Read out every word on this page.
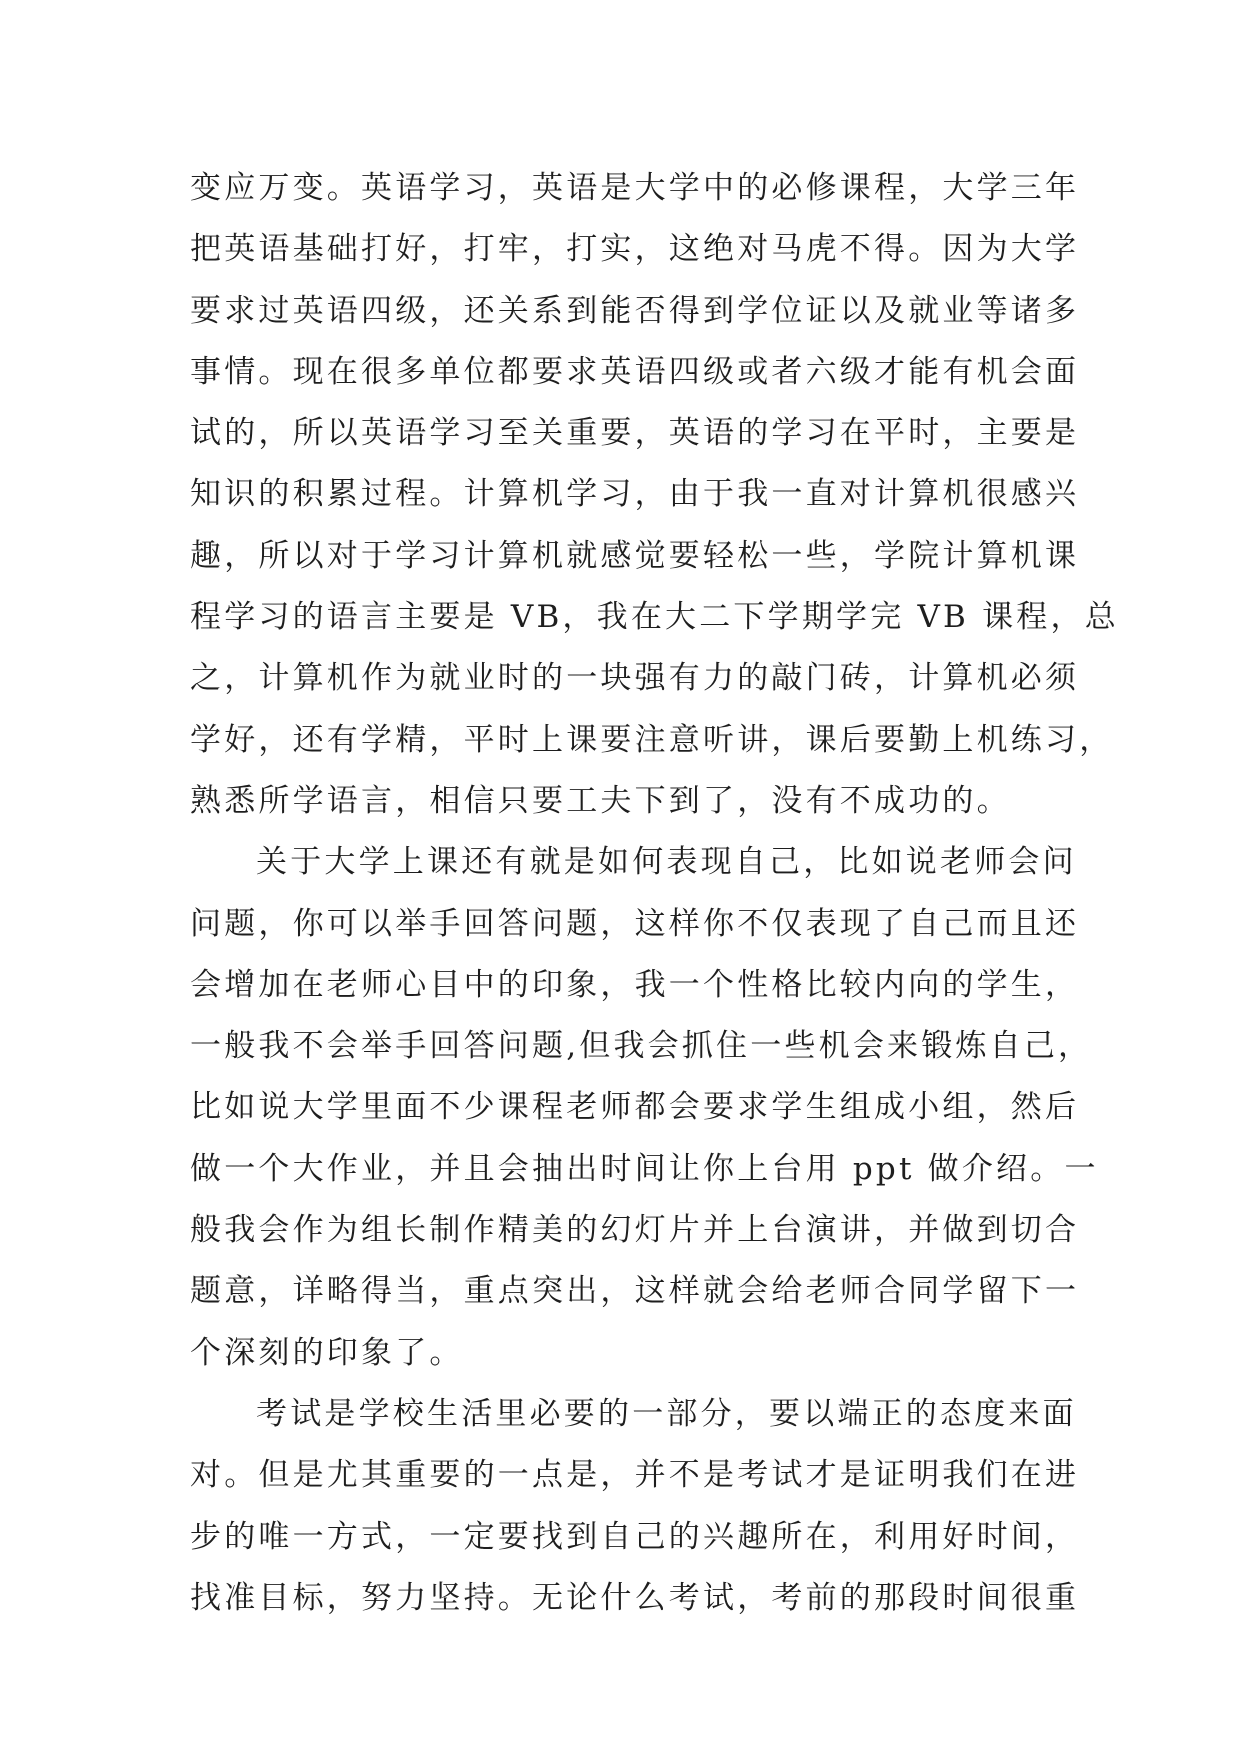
变应万变。英语学习，英语是大学中的必修课程，大学三年
把英语基础打好，打牢，打实，这绝对马虎不得。因为大学
要求过英语四级，还关系到能否得到学位证以及就业等诸多
事情。现在很多单位都要求英语四级或者六级才能有机会面
试的，所以英语学习至关重要，英语的学习在平时，主要是
知识的积累过程。计算机学习，由于我一直对计算机很感兴
趣，所以对于学习计算机就感觉要轻松一些，学院计算机课
程学习的语言主要是 VB，我在大二下学期学完 VB 课程，总
之，计算机作为就业时的一块强有力的敲门砖，计算机必须
学好，还有学精，平时上课要注意听讲，课后要勤上机练习，
熟悉所学语言，相信只要工夫下到了，没有不成功的。
关于大学上课还有就是如何表现自己，比如说老师会问
问题，你可以举手回答问题，这样你不仅表现了自己而且还
会增加在老师心目中的印象，我一个性格比较内向的学生，
一般我不会举手回答问题,但我会抓住一些机会来锻炼自己，
比如说大学里面不少课程老师都会要求学生组成小组，然后
做一个大作业，并且会抽出时间让你上台用 ppt 做介绍。一
般我会作为组长制作精美的幻灯片并上台演讲，并做到切合
题意，详略得当，重点突出，这样就会给老师合同学留下一
个深刻的印象了。
考试是学校生活里必要的一部分，要以端正的态度来面
对。但是尤其重要的一点是，并不是考试才是证明我们在进
步的唯一方式，一定要找到自己的兴趣所在，利用好时间，
找准目标，努力坚持。无论什么考试，考前的那段时间很重
